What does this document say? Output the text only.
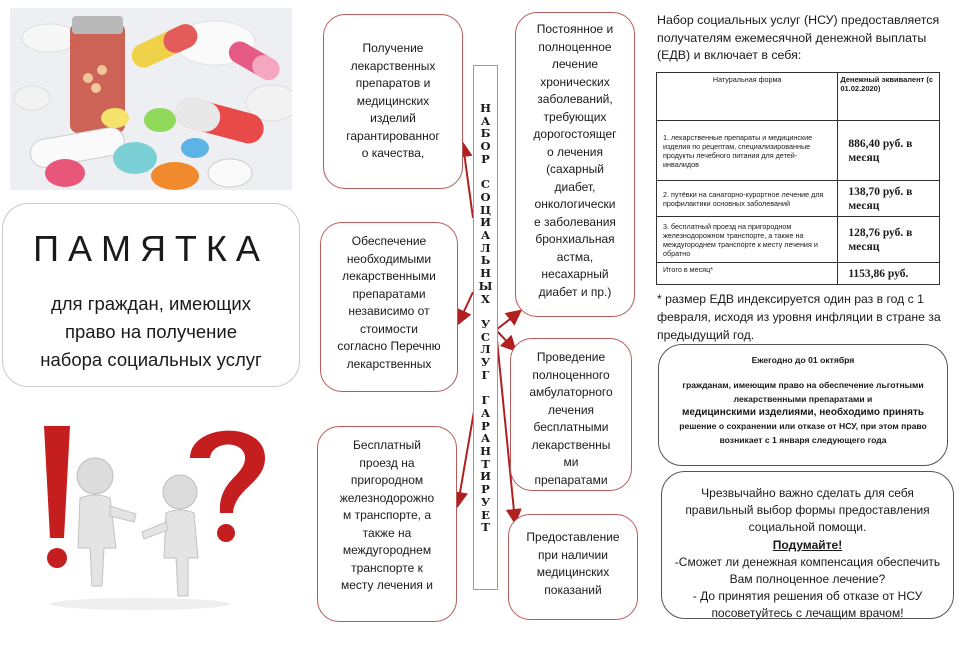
ПАМЯТКА
для граждан, имеющих
право на получение
набора социальных услуг
Получение
лекарственных
препаратов и
медицинских
изделий
гарантированног
о качества,
Обеспечение
необходимыми
лекарственными
препаратами
независимо от
стоимости
согласно Перечню
лекарственных
Бесплатный
проезд на
пригородном
железнодорожно
м транспорте, а
также на
междугороднем
транспорте к
месту лечения и
Н
А
Б
О
Р

С
О
Ц
И
А
Л
Ь
Н
Ы
Х

У
С
Л
У
Г

Г
А
Р
А
Н
Т
И
Р
У
Е
Т
Постоянное и
полноценное
лечение
хронических
заболеваний,
требующих
дорогостоящег
о лечения
(сахарный
диабет,
онкологически
е заболевания
бронхиальная
астма,
несахарный
диабет и пр.)
Проведение
полноценного
амбулаторного
лечения
бесплатными
лекарственны
ми
препаратами
Предоставление
при наличии
медицинских
показаний
Набор социальных услуг (НСУ) предоставляется получателям ежемесячной денежной выплаты (ЕДВ) и включает в себя:
Натуральная форма	Денежный эквивалент (с 01.02.2020)
1. лекарственные препараты и медицинские изделия по рецептам, специализированные продукты лечебного питания для детей-инвалидов	886,40 руб. в месяц
2. путёвки на санаторно-курортное лечение для профилактики основных заболеваний	138,70 руб. в месяц
3. бесплатный проезд на пригородном железнодорожном транспорте, а также на междугороднем транспорте к месту лечения и обратно	128,76 руб. в месяц
Итого в месяц*	1153,86 руб.
* размер ЕДВ индексируется один раз в год с 1 февраля, исходя из уровня инфляции в стране за предыдущий год.
Ежегодно до 01 октября
гражданам, имеющим право на обеспечение льготными лекарственными препаратами и
медицинскими изделиями, необходимо принять
решение о сохранении или отказе от НСУ, при этом право возникает с 1 января следующего года
Чрезвычайно важно сделать для себя правильный выбор формы предоставления социальной помощи.
Подумайте!
-Сможет ли денежная компенсация обеспечить Вам полноценное лечение?
- До принятия решения об отказе от НСУ посоветуйтесь с лечащим врачом!
